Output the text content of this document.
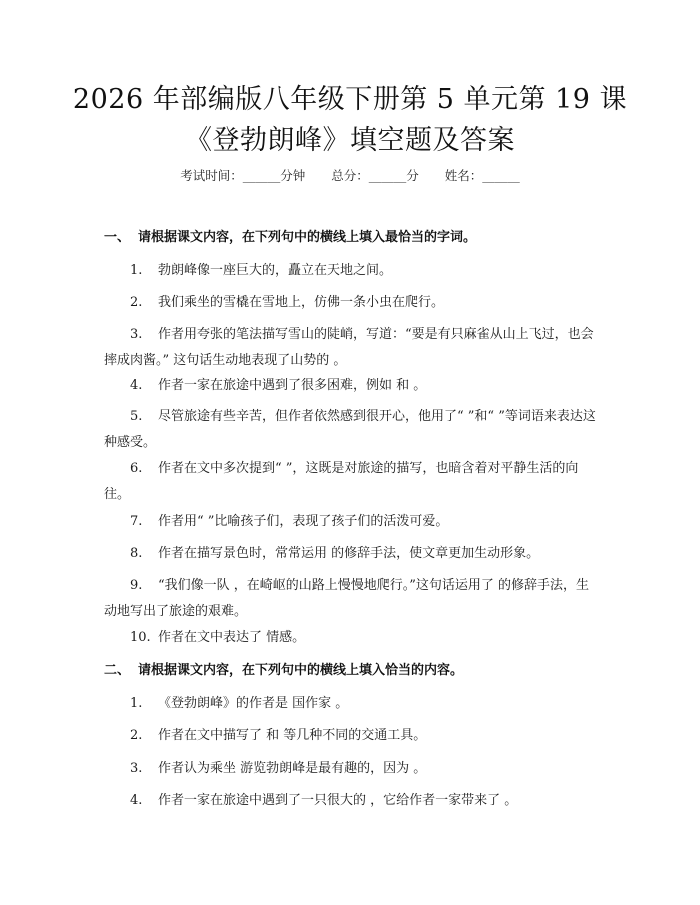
2026 年部编版八年级下册第 5 单元第 19 课
《登勃朗峰》填空题及答案
考试时间：______分钟 总分：______分 姓名：______
一、 请根据课文内容，在下列句中的横线上填入最恰当的字词。
1. 勃朗峰像一座巨大的，矗立在天地之间。
2. 我们乘坐的雪橇在雪地上，仿佛一条小虫在爬行。
3. 作者用夸张的笔法描写雪山的陡峭，写道：“要是有只麻雀从山上飞过，也会摔成肉酱。” 这句话生动地表现了山势的 。
4. 作者一家在旅途中遇到了很多困难，例如 和 。
5. 尽管旅途有些辛苦，但作者依然感到很开心，他用了“ ”和“ ”等词语来表达这种感受。
6. 作者在文中多次提到“ ”，这既是对旅途的描写，也暗含着对平静生活的向往。
7. 作者用“ ”比喻孩子们，表现了孩子们的活泼可爱。
8. 作者在描写景色时，常常运用 的修辞手法，使文章更加生动形象。
9. “我们像一队 ，在崎岖的山路上慢慢地爬行。”这句话运用了 的修辞手法，生动地写出了旅途的艰难。
10. 作者在文中表达了 情感。
二、 请根据课文内容，在下列句中的横线上填入恰当的内容。
1. 《登勃朗峰》的作者是 国作家 。
2. 作者在文中描写了 和 等几种不同的交通工具。
3. 作者认为乘坐 游览勃朗峰是最有趣的，因为 。
4. 作者一家在旅途中遇到了一只很大的 ，它给作者一家带来了 。
